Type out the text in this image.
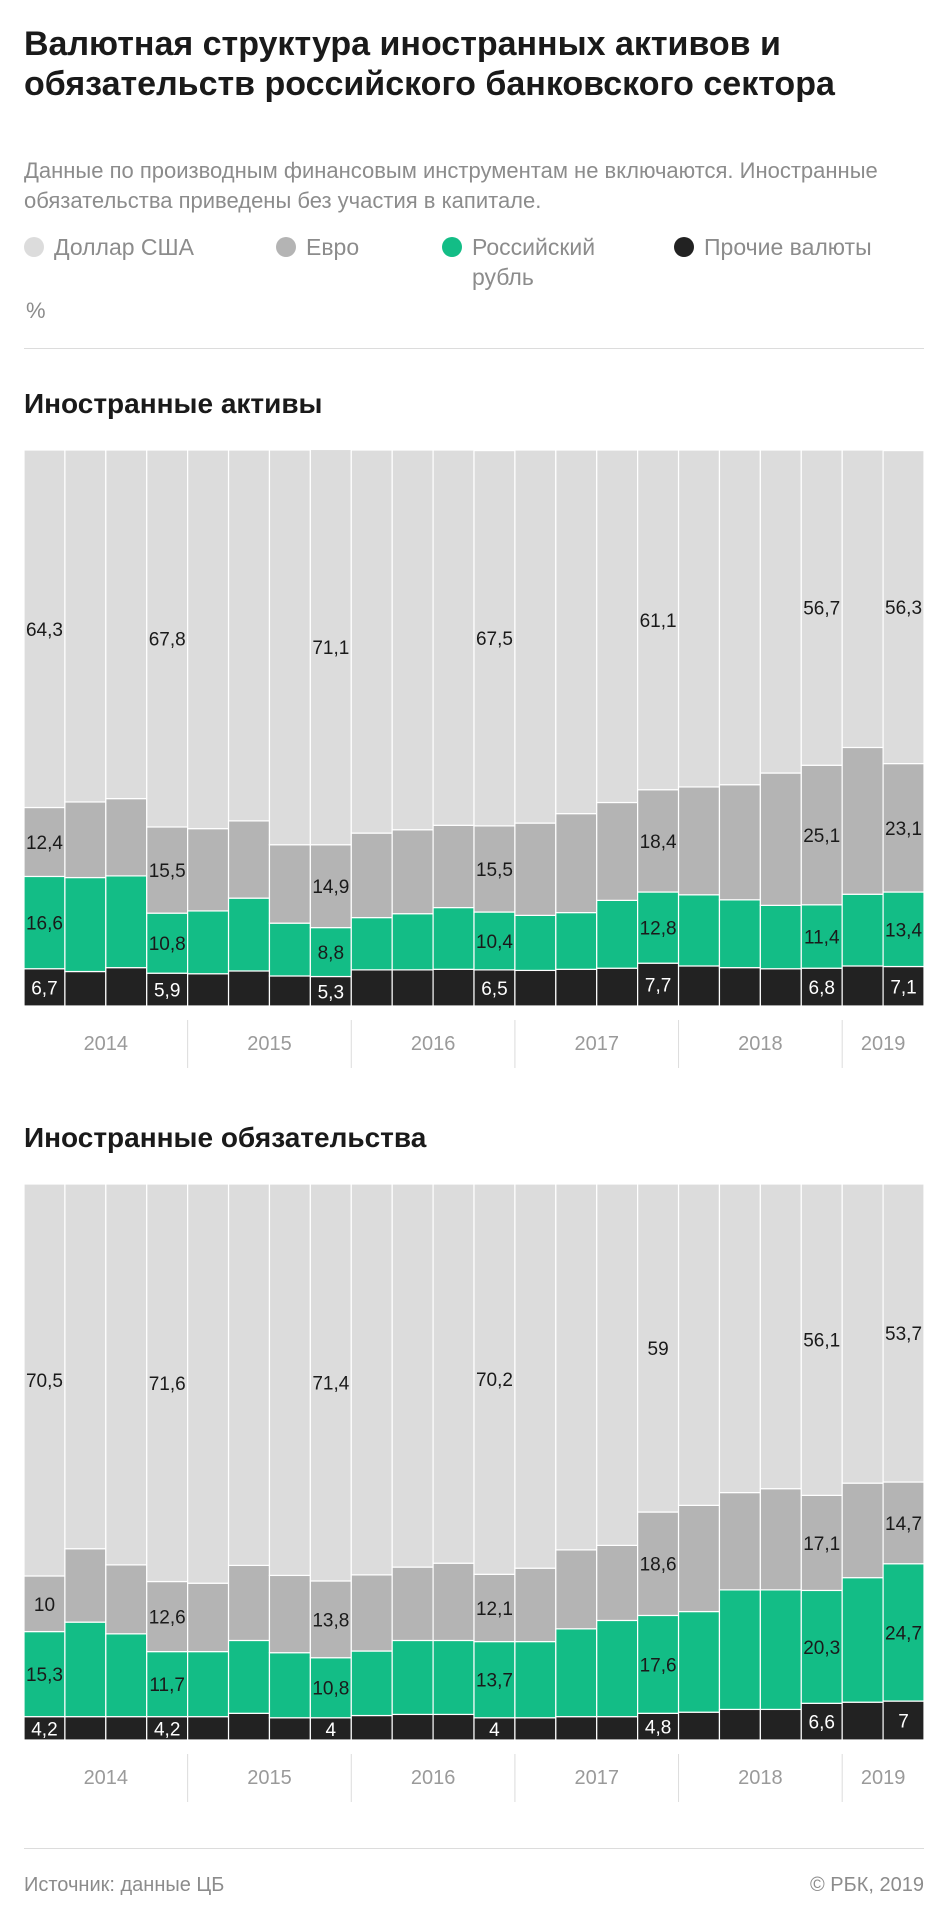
Валютная структура иностранных активов и обязательств российского банковского сектора

Данные по производным финансовым инструментам не включаются. Иностранные обязательства приведены без участия в капитале.

Доллар США	Евро	Российский рубль
Прочие валюты
%
Иностранные активы
6,7
16,6
12,4
64,3
5,9
10,8
15,5
67,8
5,3
8,8
14,9
71,1
6,5
10,4
15,5
67,5
7,7
12,8
18,4
61,1
6,8
11,4
25,1
56,7
7,1
13,4
23,1
56,3
2014	2015	2016	2017	2018	2019
Иностранные обязательства
4,2
15,3
10
70,5
4,2
11,7
12,6
71,6
4
10,8
13,8
71,4
4
13,7
12,1
70,2
4,8
17,6
18,6
59
6,6
20,3
17,1
56,1
7
24,7
14,7
53,7
2014	2015	2016	2017	2018	2019
Источник: данные ЦБ	© РБК, 2019
